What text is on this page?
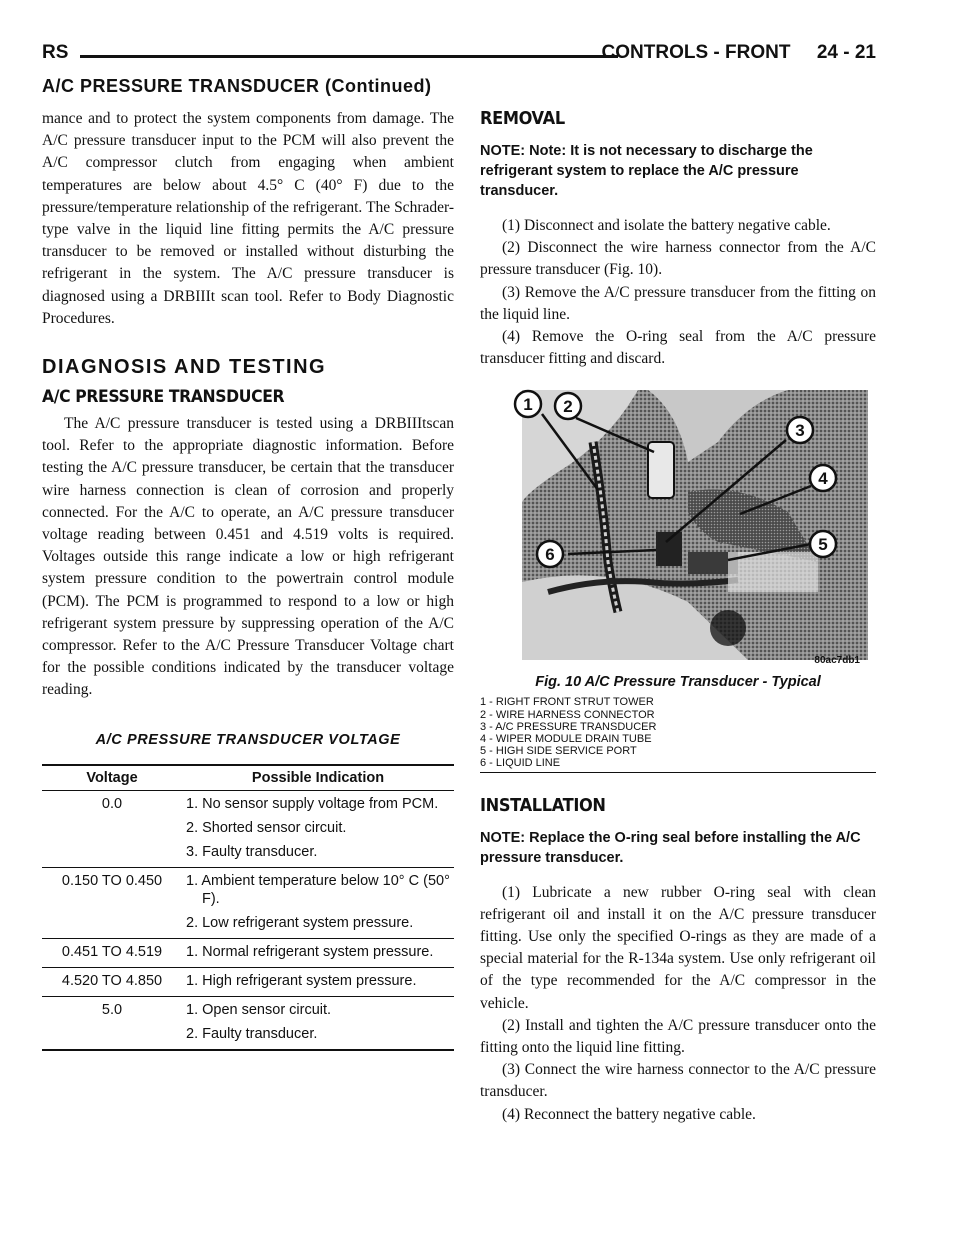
RS	CONTROLS - FRONT     24 - 21
A/C PRESSURE TRANSDUCER (Continued)

mance and to protect the system components from damage. The A/C pressure transducer input to the PCM will also prevent the A/C compressor clutch from engaging when ambient temperatures are below about 4.5° C (40° F) due to the pressure/temperature relationship of the refrigerant. The Schrader-type valve in the liquid line fitting permits the A/C pressure transducer to be removed or installed without disturbing the refrigerant in the system. The A/C pressure transducer is diagnosed using a DRBIIIt scan tool. Refer to Body Diagnostic Procedures.

DIAGNOSIS AND TESTING
A/C PRESSURE TRANSDUCER

The A/C pressure transducer is tested using a DRBIIItscan tool. Refer to the appropriate diagnostic information. Before testing the A/C pressure transducer, be certain that the transducer wire harness connection is clean of corrosion and properly connected. For the A/C to operate, an A/C pressure transducer voltage reading between 0.451 and 4.519 volts is required. Voltages outside this range indicate a low or high refrigerant system pressure condition to the powertrain control module (PCM). The PCM is programmed to respond to a low or high refrigerant system pressure by suppressing operation of the A/C compressor. Refer to the A/C Pressure Transducer Voltage chart for the possible conditions indicated by the transducer voltage reading.

A/C PRESSURE TRANSDUCER VOLTAGE
Voltage	Possible Indication
0.0	1. No sensor supply voltage from PCM.
2. Shorted sensor circuit.
3. Faulty transducer.

0.150 TO 0.450	1. Ambient temperature below 10° C (50° F).
2. Low refrigerant system pressure.

0.451 TO 4.519	1. Normal refrigerant system pressure.

4.520 TO 4.850	1. High refrigerant system pressure.

5.0	1. Open sensor circuit.
2. Faulty transducer.
REMOVAL
NOTE: Note: It is not necessary to discharge the refrigerant system to replace the A/C pressure transducer.

(1) Disconnect and isolate the battery negative cable.

(2) Disconnect the wire harness connector from the A/C pressure transducer (Fig. 10).

(3) Remove the A/C pressure transducer from the fitting on the liquid line.

(4) Remove the O-ring seal from the A/C pressure transducer fitting and discard.

1 2
3
4
5
6
80ac7db1
Fig. 10 A/C Pressure Transducer - Typical
1 - RIGHT FRONT STRUT TOWER
2 - WIRE HARNESS CONNECTOR
3 - A/C PRESSURE TRANSDUCER
4 - WIPER MODULE DRAIN TUBE
5 - HIGH SIDE SERVICE PORT
6 - LIQUID LINE
INSTALLATION
NOTE: Replace the O-ring seal before installing the A/C pressure transducer.

(1) Lubricate a new rubber O-ring seal with clean refrigerant oil and install it on the A/C pressure transducer fitting. Use only the specified O-rings as they are made of a special material for the R-134a system. Use only refrigerant oil of the type recommended for the A/C compressor in the vehicle.

(2) Install and tighten the A/C pressure transducer onto the fitting onto the liquid line fitting.

(3) Connect the wire harness connector to the A/C pressure transducer.

(4) Reconnect the battery negative cable.
